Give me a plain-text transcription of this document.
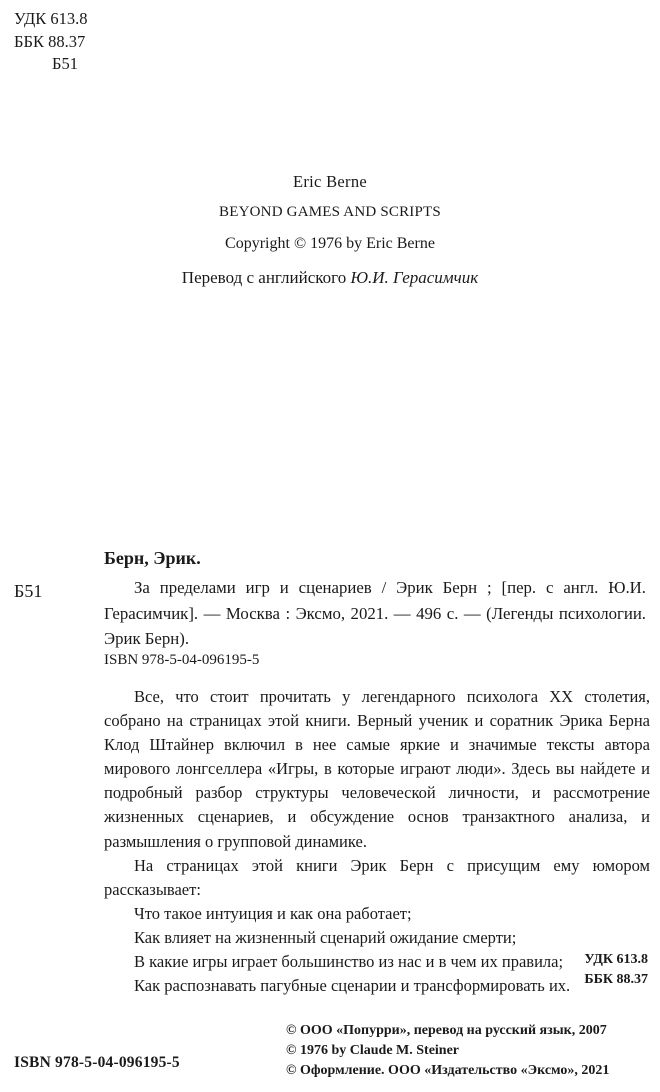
УДК 613.8
ББК 88.37
Б51
Eric Berne
BEYOND GAMES AND SCRIPTS
Copyright © 1976 by Eric Berne
Перевод с английского Ю.И. Герасимчик
Берн, Эрик.
Б51	За пределами игр и сценариев / Эрик Берн ; [пер. с англ. Ю.И. Герасимчик]. — Москва : Эксмо, 2021. — 496 с. — (Легенды психологии. Эрик Берн).
ISBN 978-5-04-096195-5

Все, что стоит прочитать у легендарного психолога XX столетия, собрано на страницах этой книги. Верный ученик и соратник Эрика Берна Клод Штайнер включил в нее самые яркие и значимые тексты автора мирового лонгселлера «Игры, в которые играют люди». Здесь вы найдете и подробный разбор структуры человеческой личности, и рассмотрение жизненных сценариев, и обсуждение основ транзактного анализа, и размышления о групповой динамике.

На страницах этой книги Эрик Берн с присущим ему юмором рассказывает:

Что такое интуиция и как она работает;

Как влияет на жизненный сценарий ожидание смерти;

В какие игры играет большинство из нас и в чем их правила;

Как распознавать пагубные сценарии и трансформировать их.

УДК 613.8
ББК 88.37
© ООО «Попурри», перевод на русский язык, 2007
© 1976 by Claude M. Steiner
© Оформление. ООО «Издательство «Эксмо», 2021
ISBN 978-5-04-096195-5
